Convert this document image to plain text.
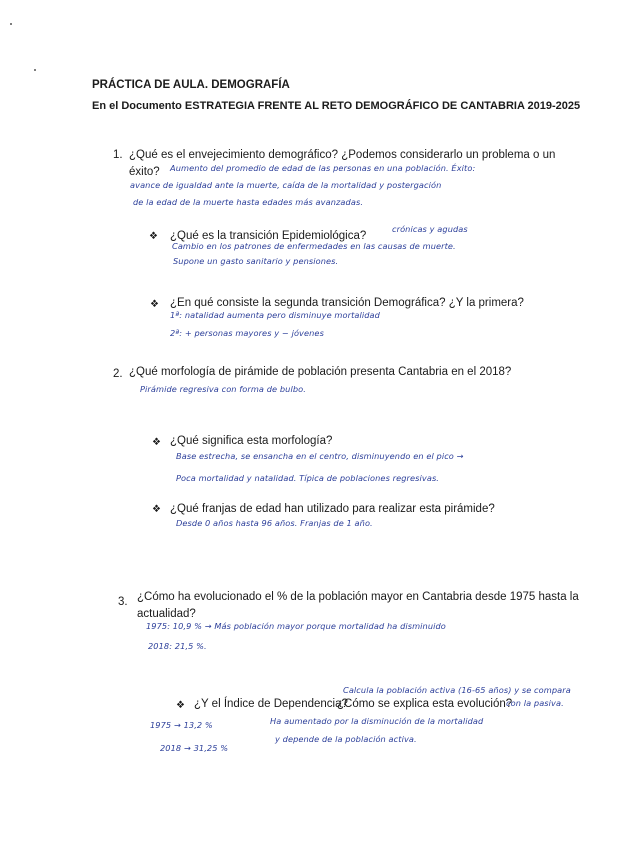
PRÁCTICA DE AULA. DEMOGRAFÍA
En el Documento ESTRATEGIA FRENTE AL RETO DEMOGRÁFICO DE CANTABRIA 2019-2025
1. ¿Qué es el envejecimiento demográfico? ¿Podemos considerarlo un problema o un
éxito? Aumento del promedio de edad de las personas en una población. Éxito:
avance de igualdad ante la muerte, caída de la mortalidad y postergación
de la edad de la muerte hasta edades más avanzadas.
❖ ¿Qué es la transición Epidemiológica?
crónicas y agudas
Cambio en los patrones de enfermedades en las causas de muerte.
Supone un gasto sanitario y pensiones.
❖ ¿En qué consiste la segunda transición Demográfica? ¿Y la primera?
1ª: natalidad aumenta pero disminuye mortalidad
2ª: + personas mayores y − jóvenes
2. ¿Qué morfología de pirámide de población presenta Cantabria en el 2018?
Pirámide regresiva con forma de bulbo.
❖ ¿Qué significa esta morfología?
Base estrecha, se ensancha en el centro, disminuyendo en el pico →
Poca mortalidad y natalidad. Típica de poblaciones regresivas.
❖ ¿Qué franjas de edad han utilizado para realizar esta pirámide?
Desde 0 años hasta 96 años. Franjas de 1 año.
3. ¿Cómo ha evolucionado el % de la población mayor en Cantabria desde 1975 hasta la
actualidad?
1975: 10,9 % → Más población mayor porque mortalidad ha disminuido
2018: 21,5 %.
❖ ¿Y el Índice de Dependencia?
¿Cómo se explica esta evolución?
Calcula la población activa (16-65 años) y se compara
con la pasiva.
1975 → 13,2 %
2018 → 31,25 %
Ha aumentado por la disminución de la mortalidad
y depende de la población activa.
